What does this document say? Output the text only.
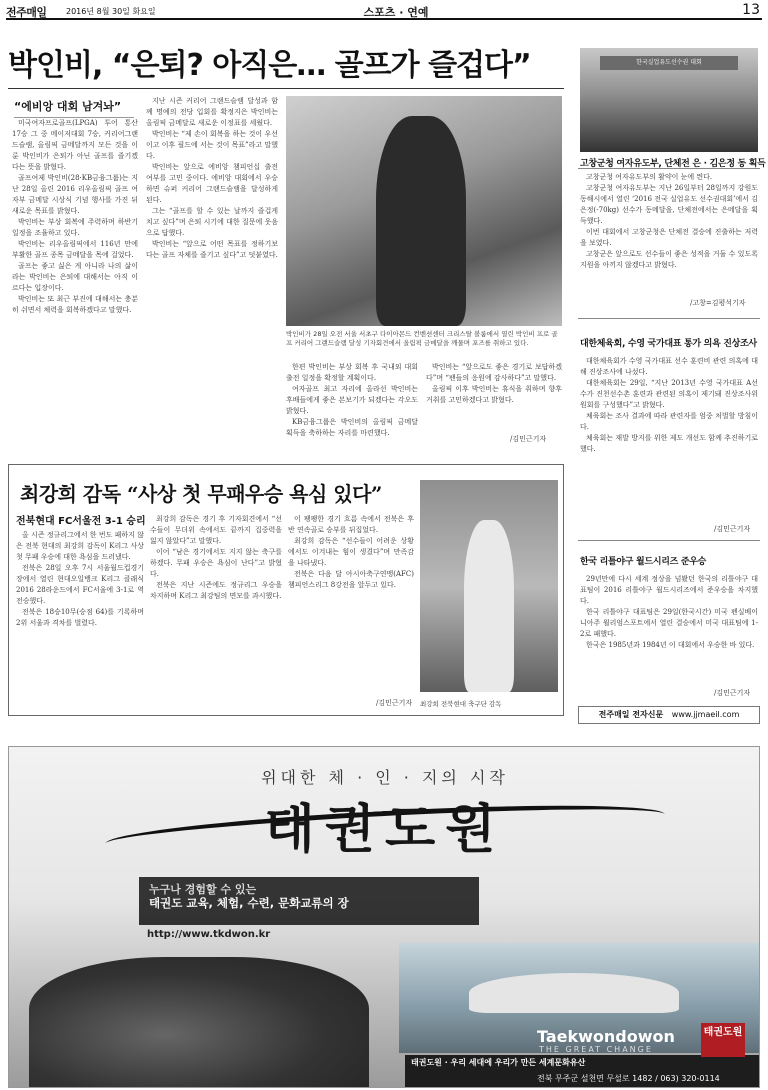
전주매일 2016년 8월 30일 화요일	스포츠 · 연예	13
박인비, “은퇴? 아직은… 골프가 즐겁다”
“에비앙 대회 남겨놔”

미국여자프로골프(LPGA) 투어 통산 17승 그 중 메이저대회 7승, 커리어그랜드슬램, 올림픽 금메달까지 모든 것을 이룬 박인비가 은퇴가 아닌 골프를 즐기겠다는 뜻을 밝혔다.

골프여제 박인비(28·KB금융그룹)는 지난 28일 올린 2016 리우올림픽 골프 여자부 금메달 시상식 기념 행사를 가진 뒤 새로운 목표를 밝혔다.

박인비는 부상 회복에 주력하며 하반기 일정을 조율하고 있다.

박인비는 리우올림픽에서 116년 만에 부활한 골프 종목 금메달을 목에 걸었다.

골프는 좋고 싫은 게 아니라 나의 삶이라는 박인비는 은퇴에 대해서는 아직 이르다는 입장이다.

박인비는 또 최근 부진에 대해서는 충분히 쉬면서 체력을 회복하겠다고 말했다.

지난 시즌 커리어 그랜드슬램 달성과 함께 명예의 전당 입회를 확정지은 박인비는 올림픽 금메달로 새로운 이정표를 세웠다.

박인비는 “제 손이 회복을 하는 것이 우선이고 이후 필드에 서는 것이 목표”라고 말했다.

박인비는 앞으로 에비앙 챔피언십 출전 여부를 고민 중이다. 에비앙 대회에서 우승하면 슈퍼 커리어 그랜드슬램을 달성하게 된다.

그는 “골프를 할 수 있는 날까지 즐겁게 치고 싶다”며 은퇴 시기에 대한 질문에 웃음으로 답했다.

박인비는 “앞으로 어떤 목표를 정하기보다는 골프 자체를 즐기고 싶다”고 덧붙였다.

박인비가 28일 오전 서울 서초구 다이아몬드 컨벤션센터 크리스탈 볼룸에서 열린 박인비 프로 골프 커리어 그랜드슬램 달성 기자회견에서 올림픽 금메달을 깨물며 포즈를 취하고 있다.

한편 박인비는 부상 회복 후 국내외 대회 출전 일정을 확정할 계획이다.

여자골프 최고 자리에 올라선 박인비는 후배들에게 좋은 본보기가 되겠다는 각오도 밝혔다.

KB금융그룹은 박인비의 올림픽 금메달 획득을 축하하는 자리를 마련했다.

박인비는 “앞으로도 좋은 경기로 보답하겠다”며 “팬들의 응원에 감사하다”고 말했다.

올림픽 이후 박인비는 휴식을 취하며 향후 거취를 고민하겠다고 밝혔다.

/김민근기자
최강희 감독 “사상 첫 무패우승 욕심 있다”
전북현대 FC서울전 3-1 승리

올 시즌 정규리그에서 한 번도 패하지 않은 전북 현대의 최강희 감독이 K리그 사상 첫 무패 우승에 대한 욕심을 드러냈다.

전북은 28일 오후 7시 서울월드컵경기장에서 열린 현대오일뱅크 K리그 클래식 2016 28라운드에서 FC서울에 3-1로 역전승했다.

전북은 18승10무(승점 64)를 기록하며 2위 서울과 격차를 벌렸다.

최강희 감독은 경기 후 기자회견에서 “선수들이 무더위 속에서도 끝까지 집중력을 잃지 않았다”고 말했다.

이어 “남은 경기에서도 지지 않는 축구를 하겠다. 무패 우승은 욕심이 난다”고 밝혔다.

전북은 지난 시즌에도 정규리그 우승을 차지하며 K리그 최강팀의 면모를 과시했다.

이 팽팽한 경기 흐름 속에서 전북은 후반 연속골로 승부를 뒤집었다.

최강희 감독은 “선수들이 어려운 상황에서도 이겨내는 힘이 생겼다”며 만족감을 나타냈다.

전북은 다음 달 아시아축구연맹(AFC) 챔피언스리그 8강전을 앞두고 있다.

/김민근기자 최강희 전북현대 축구단 감독
한국실업유도선수권 대회
고창군청 여자유도부, 단체전 은 · 김은정 동 획득

고창군청 여자유도부의 활약이 눈에 띈다.

고창군청 여자유도부는 지난 26일부터 28일까지 강원도 동해시에서 열린 ‘2016 전국 실업유도 선수권대회’에서 김은정(-70kg) 선수가 동메달을, 단체전에서는 은메달을 획득했다.

이번 대회에서 고창군청은 단체전 결승에 진출하는 저력을 보였다.

고창군은 앞으로도 선수들이 좋은 성적을 거둘 수 있도록 지원을 아끼지 않겠다고 밝혔다.

/고창=김평석기자
대한체육회, 수영 국가대표 통가 의욕 진상조사

대한체육회가 수영 국가대표 선수 훈련비 관련 의혹에 대해 진상조사에 나섰다.

대한체육회는 29일, “지난 2013년 수영 국가대표 A선수가 진천선수촌 훈련과 관련된 의혹이 제기돼 진상조사위원회를 구성했다”고 밝혔다.

체육회는 조사 결과에 따라 관련자를 엄중 처벌할 방침이다.

체육회는 재발 방지를 위한 제도 개선도 함께 추진하기로 했다.

/김민근기자
한국 리틀야구 월드시리즈 준우승

29년만에 다시 세계 정상을 넘봤던 한국의 리틀야구 대표팀이 2016 리틀야구 월드시리즈에서 준우승을 차지했다.

한국 리틀야구 대표팀은 29일(한국시간) 미국 펜실베이니아주 윌리엄스포트에서 열린 결승에서 미국 대표팀에 1-2로 패했다.

한국은 1985년과 1984년 이 대회에서 우승한 바 있다.

/김민근기자
전주매일 전자신문 www.jjmaeil.com
위대한 체 · 인 · 지의 시작
태권도원
누구나 경험할 수 있는
태권도 교육, 체험, 수련, 문화교류의 장
http://www.tkdwon.kr
태권도원 · 우리 세대에 우리가 만든 세계문화유산
Taekwondowon
THE GREAT CHANGE
태권도원
전북 무주군 설천면 무설로 1482 / 063) 320-0114
